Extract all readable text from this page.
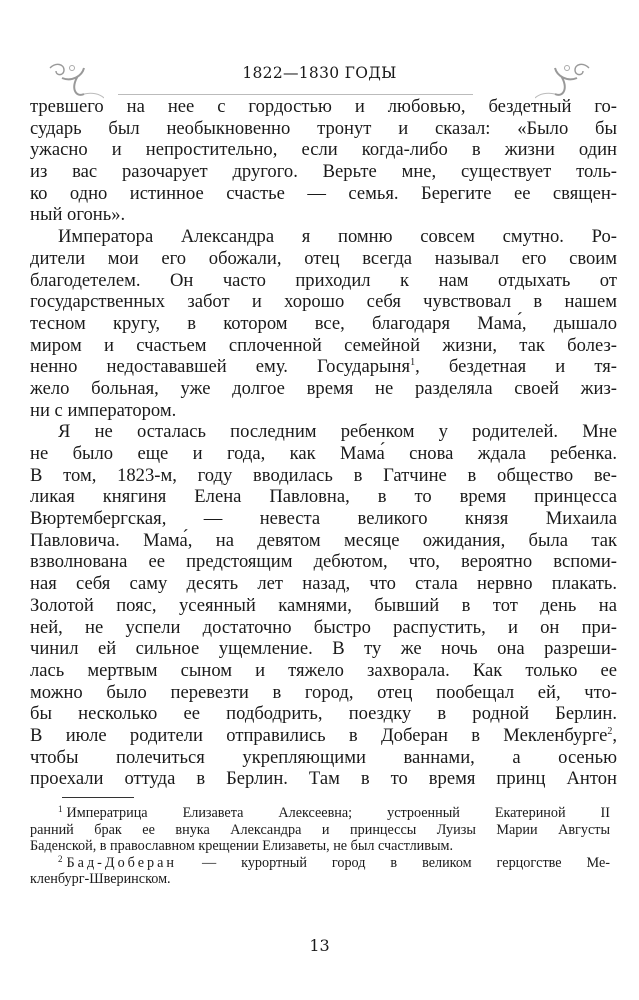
1822—1830 ГОДЫ
тревшего на нее с гордостью и любовью, бездетный го-
сударь был необыкновенно тронут и сказал: «Было бы
ужасно и непростительно, если когда-либо в жизни один
из вас разочарует другого. Верьте мне, существует толь-
ко одно истинное счастье — семья. Берегите ее священ-
ный огонь».
Императора Александра я помню совсем смутно. Ро-
дители мои его обожали, отец всегда называл его своим
благодетелем. Он часто приходил к нам отдыхать от
государственных забот и хорошо себя чувствовал в нашем
тесном кругу, в котором все, благодаря Мама́, дышало
миром и счастьем сплоченной семейной жизни, так болез-
ненно недостававшей ему. Государыня$^1$, бездетная и тя-
жело больная, уже долгое время не разделяла своей жиз-
ни с императором.
Я не осталась последним ребенком у родителей. Мне
не было еще и года, как Мама́ снова ждала ребенка.
В том, 1823-м, году вводилась в Гатчине в общество ве-
ликая княгиня Елена Павловна, в то время принцесса
Вюртембергская, — невеста великого князя Михаила
Павловича. Мама́, на девятом месяце ожидания, была так
взволнована ее предстоящим дебютом, что, вероятно вспоми-
ная себя саму десять лет назад, что стала нервно плакать.
Золотой пояс, усеянный камнями, бывший в тот день на
ней, не успели достаточно быстро распустить, и он при-
чинил ей сильное ущемление. В ту же ночь она разреши-
лась мертвым сыном и тяжело захворала. Как только ее
можно было перевезти в город, отец пообещал ей, что-
бы несколько ее подбодрить, поездку в родной Берлин.
В июле родители отправились в Доберан в Мекленбурге$^2$,
чтобы полечиться укрепляющими ваннами, а осенью
проехали оттуда в Берлин. Там в то время принц Антон
$^1$ Императрица Елизавета Алексеевна; устроенный Екатериной II
ранний брак ее внука Александра и принцессы Луизы Марии Августы
Баденской, в православном крещении Елизаветы, не был счастливым.
$^2$ Бад-Доберан — курортный город в великом герцогстве Ме-
кленбург-Шверинском.
13
